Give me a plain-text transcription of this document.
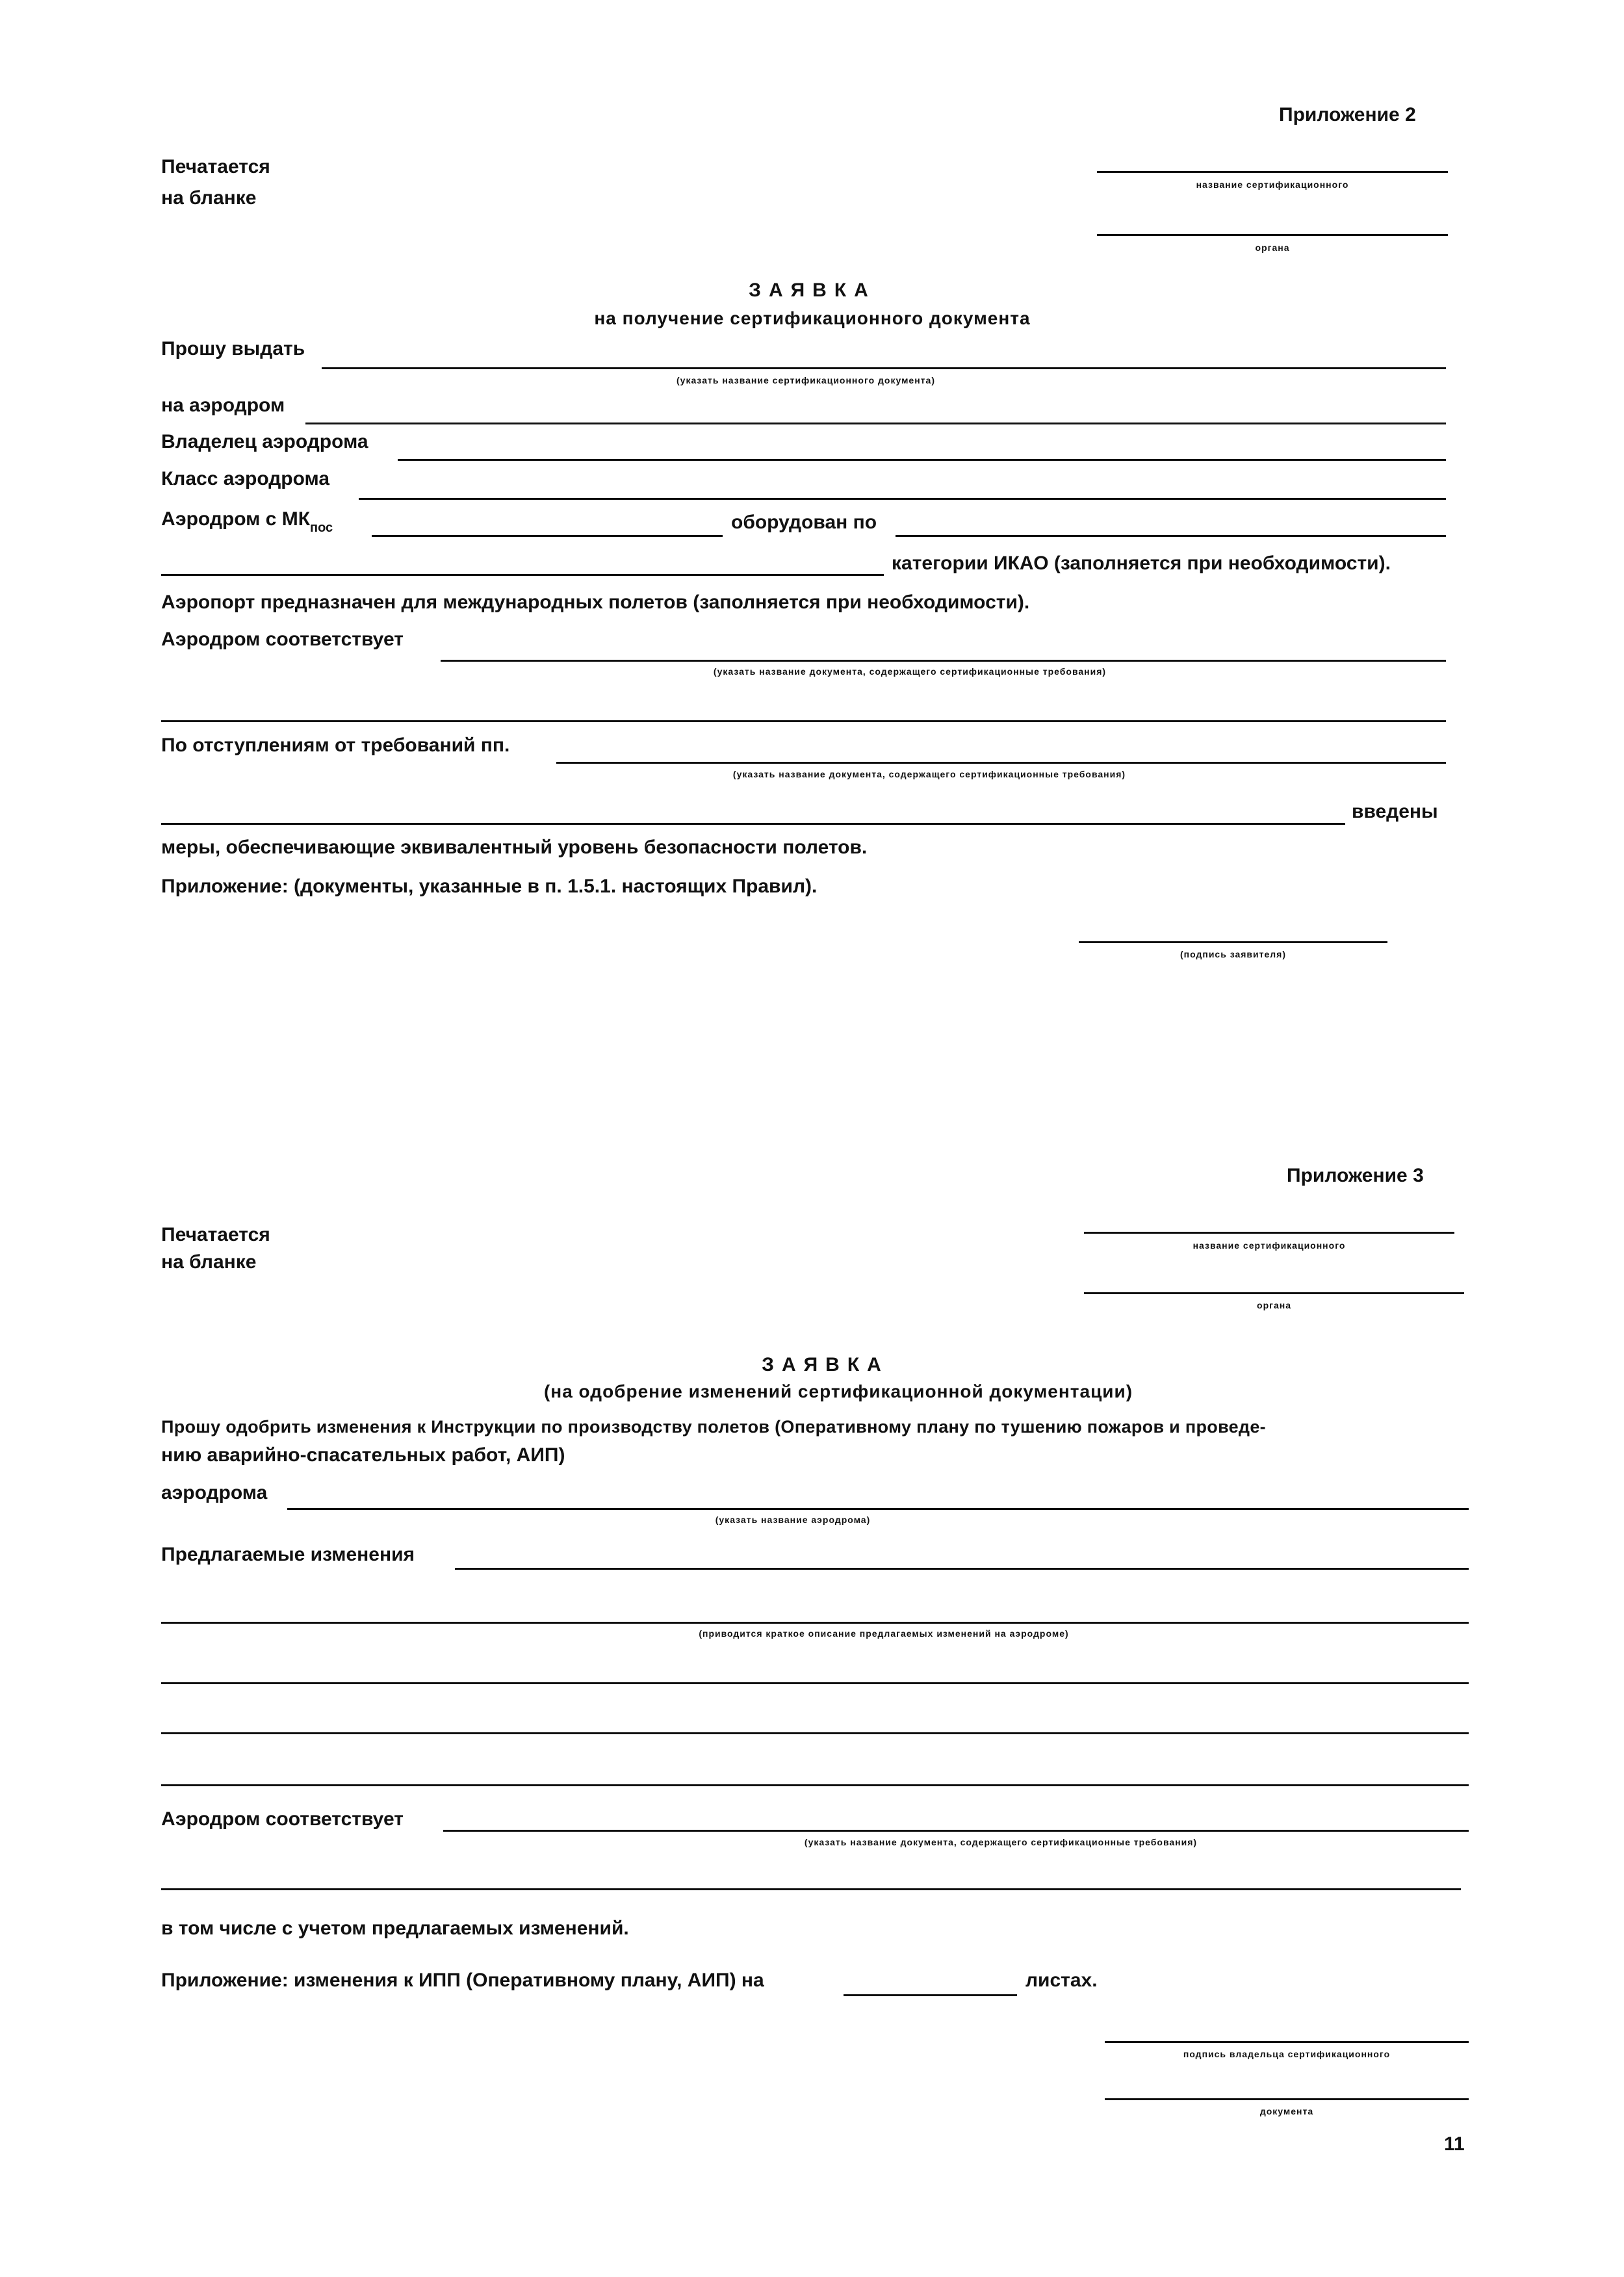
Приложение 2
Печатается
на бланке
название сертификационного
органа
ЗАЯВКА
на получение сертификационного документа
Прошу выдать
(указать название сертификационного документа)
на аэродром
Владелец аэродрома
Класс аэродрома
Аэродром с $МК_{пос}$	оборудован по
категории ИКАО (заполняется при необходимости).
Аэропорт предназначен для международных полетов (заполняется при необходимости).
Аэродром соответствует
(указать название документа, содержащего сертификационные требования)
По отступлениям от требований пп.
(указать название документа, содержащего сертификационные требования)
введены
меры, обеспечивающие эквивалентный уровень безопасности полетов.
Приложение: (документы, указанные в п. 1.5.1. настоящих Правил).
(подпись заявителя)
Приложение 3
Печатается
на бланке
название сертификационного
органа
ЗАЯВКА
(на одобрение изменений сертификационной документации)
Прошу одобрить изменения к Инструкции по производству полетов (Оперативному плану по тушению пожаров и проведе-
нию аварийно-спасательных работ, АИП)
аэродрома
(указать название аэродрома)
Предлагаемые изменения
(приводится краткое описание предлагаемых изменений на аэродроме)
Аэродром соответствует
(указать название документа, содержащего сертификационные требования)
в том числе с учетом предлагаемых изменений.
Приложение: изменения к ИПП (Оперативному плану, АИП) на	листах.
подпись владельца сертификационного
документа
11
